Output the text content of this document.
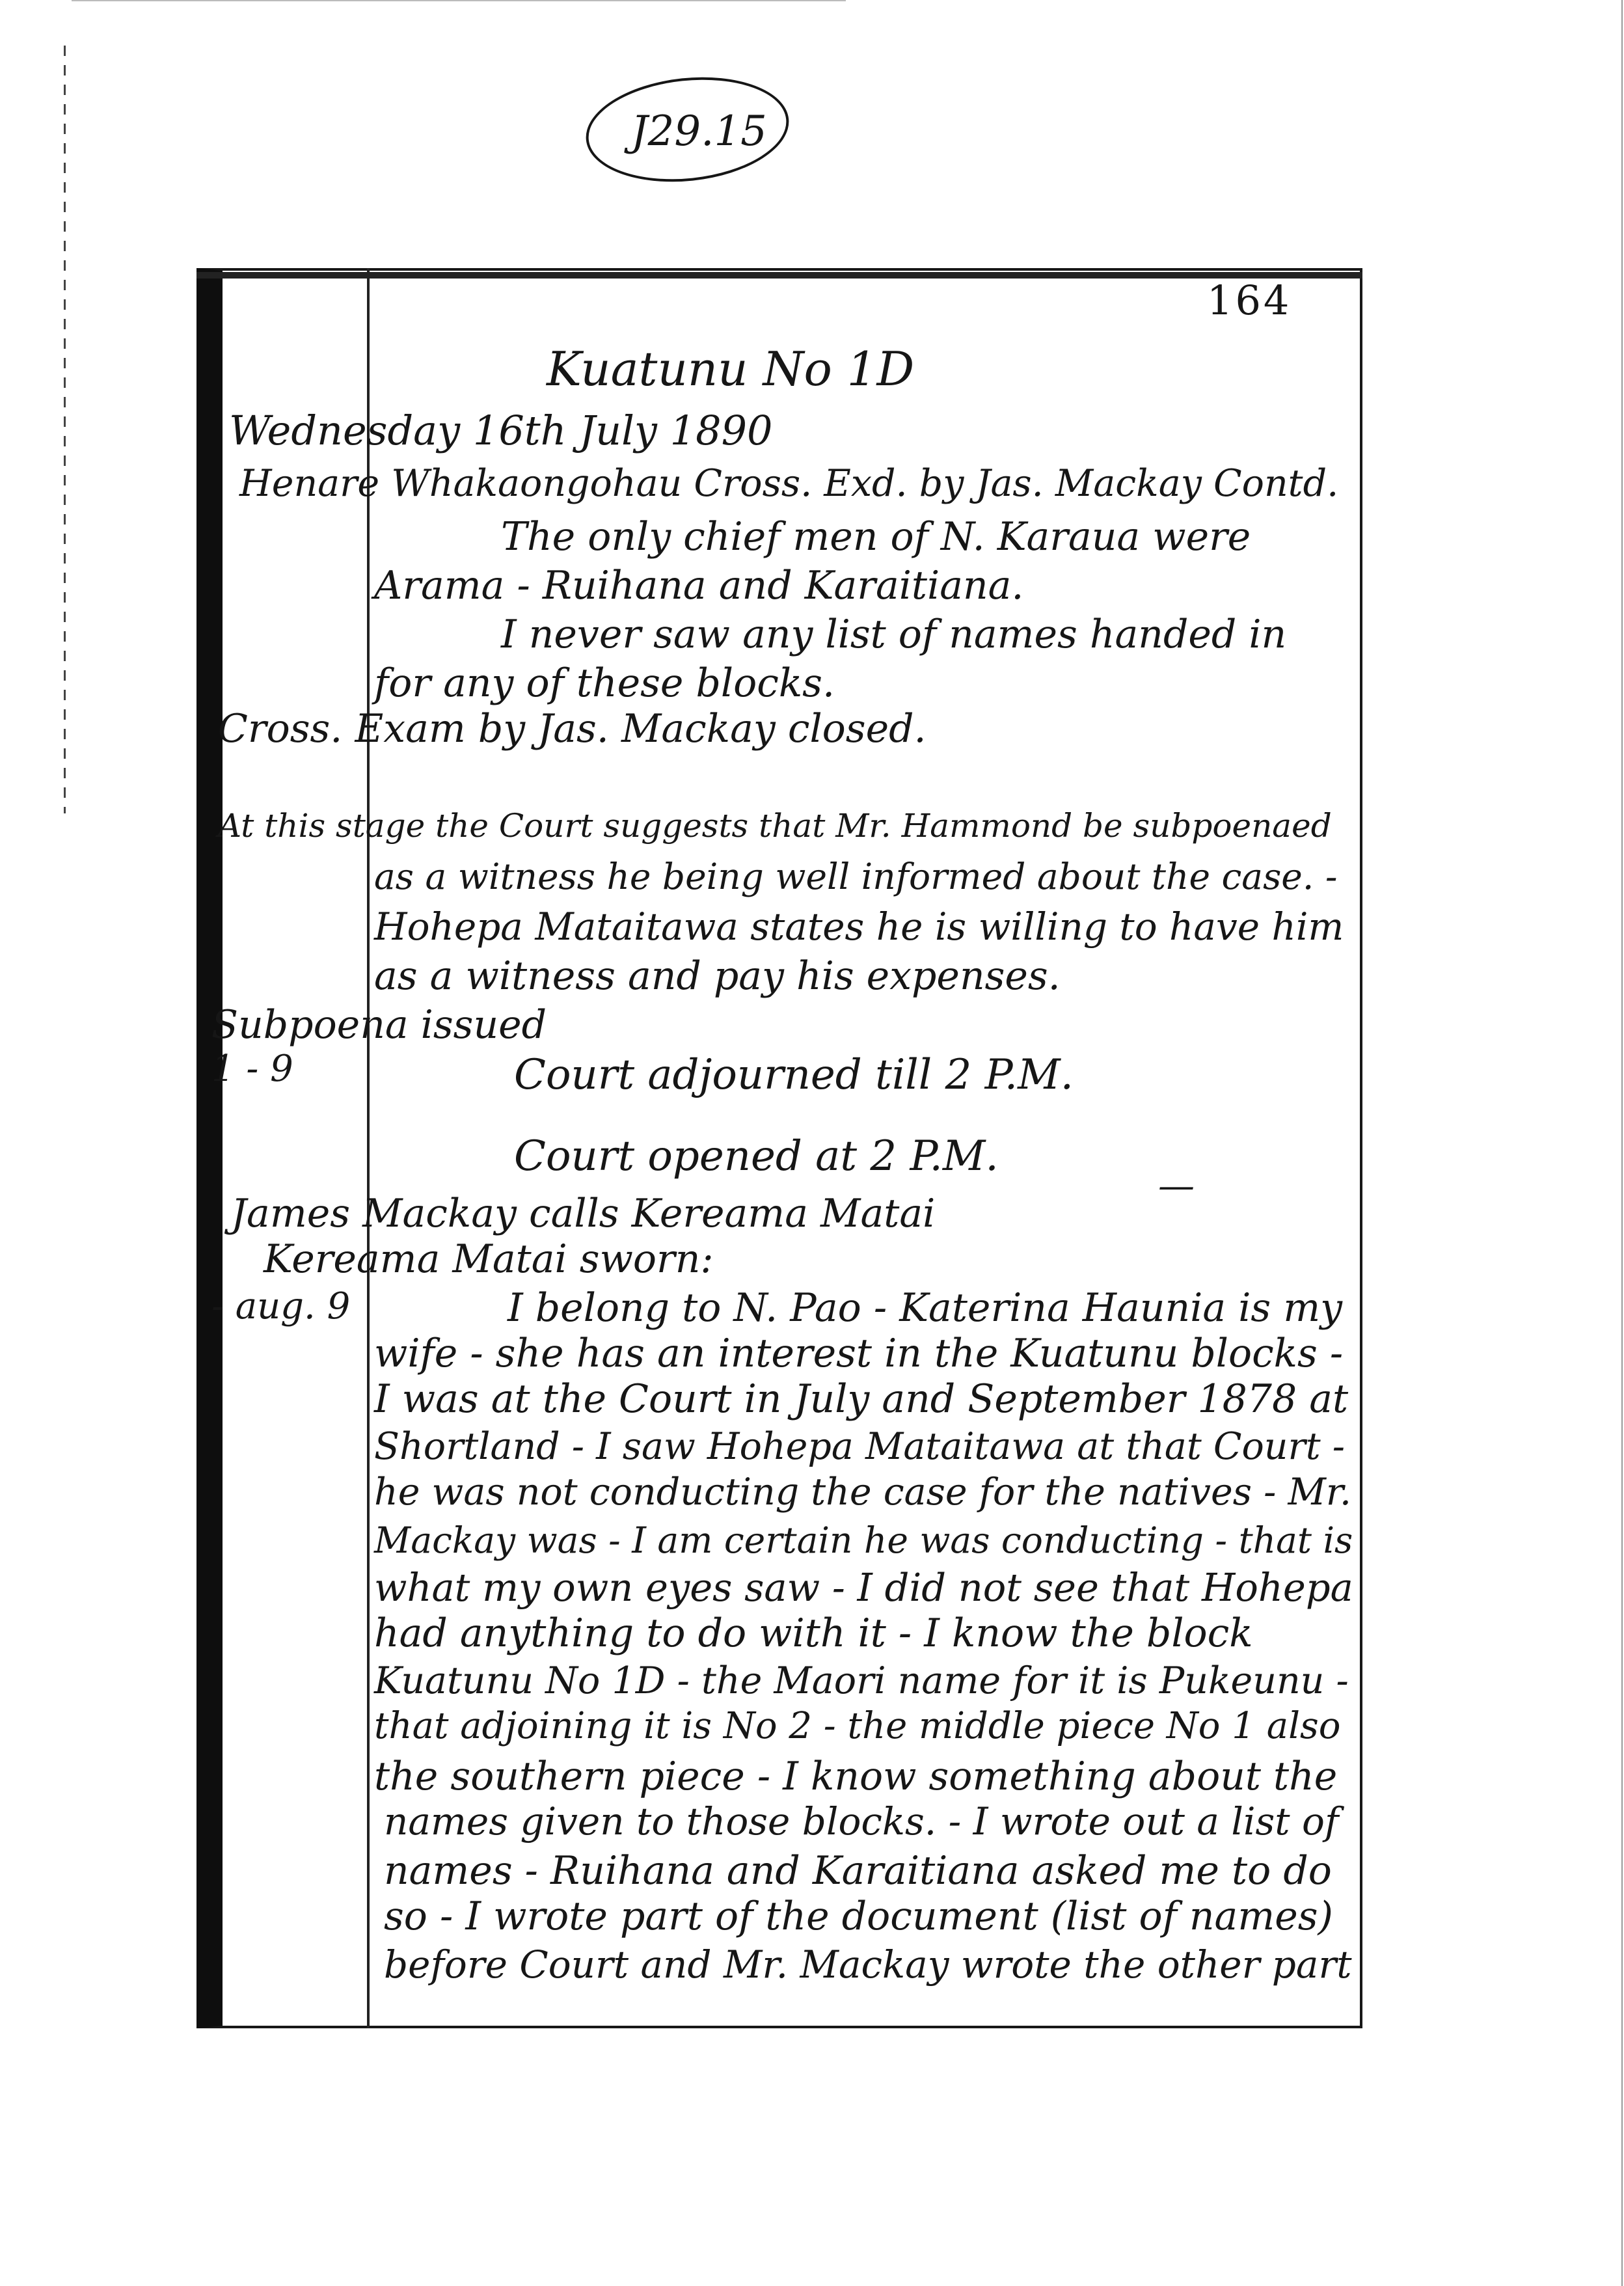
J29.15
164
Kuatunu No 1D
Wednesday 16th July 1890
Henare Whakaongohau Cross. Exd. by Jas. Mackay Contd.
The only chief men of N. Karaua were
Arama - Ruihana and Karaitiana.
I never saw any list of names handed in
for any of these blocks.
Cross. Exam by Jas. Mackay closed.
At this stage the Court suggests that Mr. Hammond be subpoenaed
as a witness he being well informed about the case. -
Hohepa Mataitawa states he is willing to have him
as a witness and pay his expenses.
Subpoena issued
1 - 9	Court adjourned till 2 P.M.
Court opened at 2 P.M.
—
James Mackay calls Kereama Matai
Kereama Matai sworn:
- aug. 9	I belong to N. Pao - Katerina Haunia is my
wife - she has an interest in the Kuatunu blocks -
I was at the Court in July and September 1878 at
Shortland - I saw Hohepa Mataitawa at that Court -
he was not conducting the case for the natives - Mr.
Mackay was - I am certain he was conducting - that is
what my own eyes saw - I did not see that Hohepa
had anything to do with it - I know the block
Kuatunu No 1D - the Maori name for it is Pukeunu -
that adjoining it is No 2 - the middle piece No 1 also
the southern piece - I know something about the
names given to those blocks. - I wrote out a list of
names - Ruihana and Karaitiana asked me to do
so - I wrote part of the document (list of names)
before Court and Mr. Mackay wrote the other part
